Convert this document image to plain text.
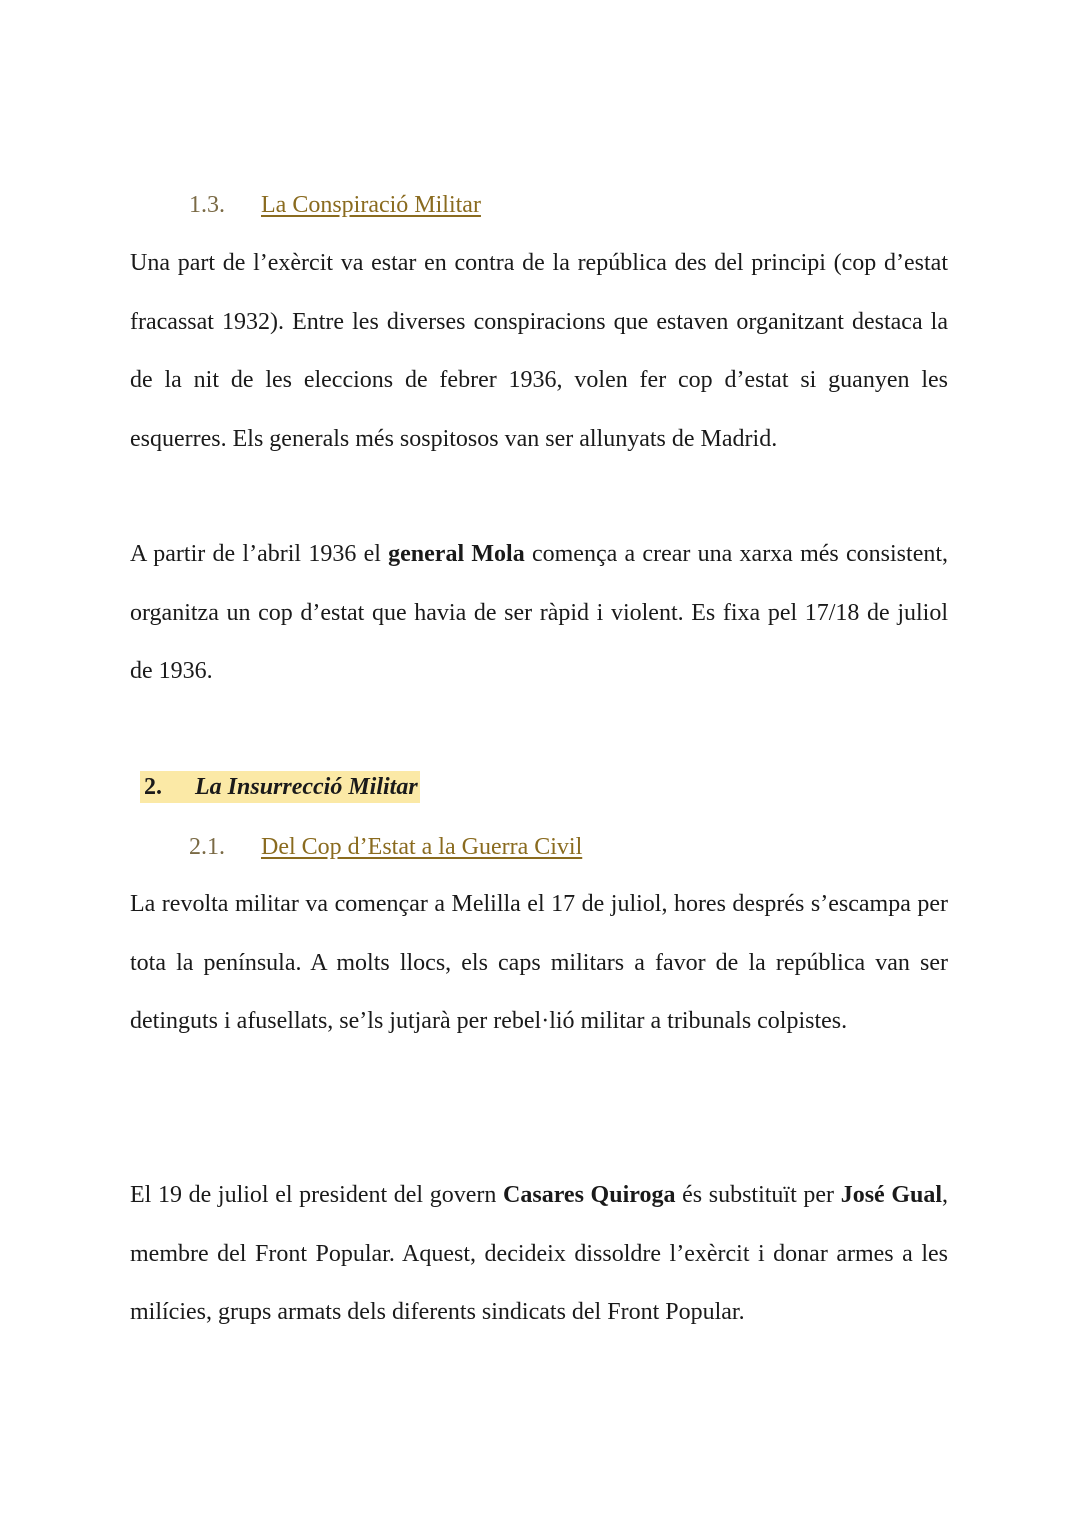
1.3. La Conspiració Militar

Una part de l’exèrcit va estar en contra de la república des del principi (cop d’estat fracassat 1932). Entre les diverses conspiracions que estaven organitzant destaca la de la nit de les eleccions de febrer 1936, volen fer cop d’estat si guanyen les esquerres. Els generals més sospitosos van ser allunyats de Madrid.

A partir de l’abril 1936 el general Mola comença a crear una xarxa més consistent, organitza un cop d’estat que havia de ser ràpid i violent. Es fixa pel 17/18 de juliol de 1936.

2. La Insurrecció Militar
2.1. Del Cop d’Estat a la Guerra Civil

La revolta militar va començar a Melilla el 17 de juliol, hores després s’escampa per tota la península. A molts llocs, els caps militars a favor de la república van ser detinguts i afusellats, se’ls jutjarà per rebel·lió militar a tribunals colpistes.

El 19 de juliol el president del govern Casares Quiroga és substituït per José Gual, membre del Front Popular. Aquest, decideix dissoldre l’exèrcit i donar armes a les milícies, grups armats dels diferents sindicats del Front Popular.
